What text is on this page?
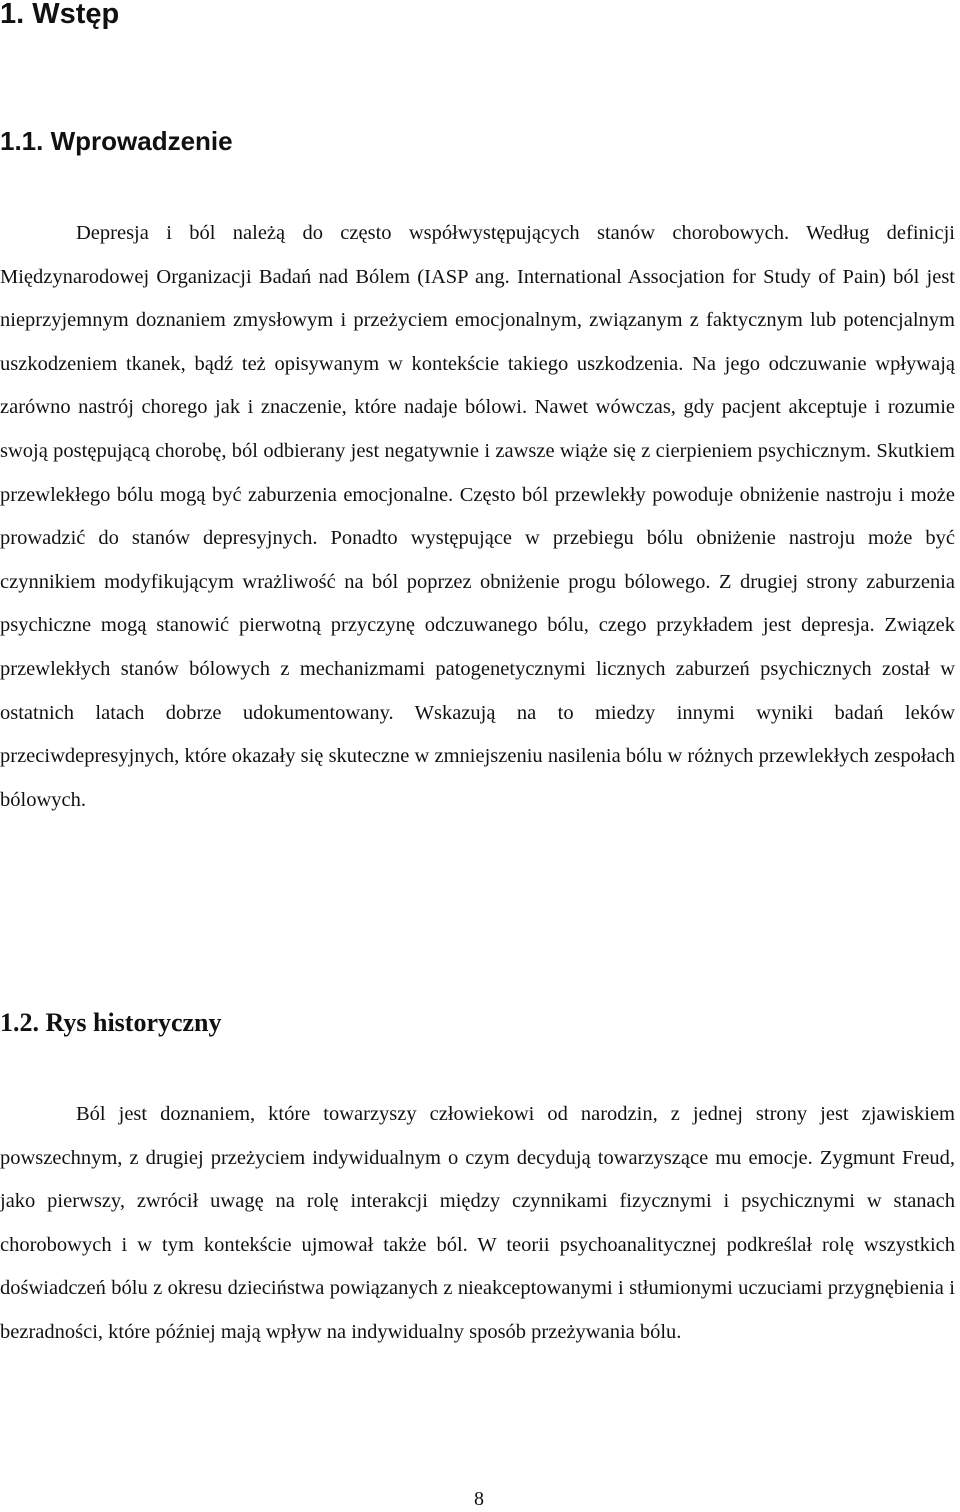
1. Wstęp
1.1. Wprowadzenie

Depresja i ból należą do często współwystępujących stanów chorobowych. Według definicji Międzynarodowej Organizacji Badań nad Bólem (IASP ang. International Assocjation for Study of Pain) ból jest nieprzyjemnym doznaniem zmysłowym i przeżyciem emocjonalnym, związanym z faktycznym lub potencjalnym uszkodzeniem tkanek, bądź też opisywanym w kontekście takiego uszkodzenia. Na jego odczuwanie wpływają zarówno nastrój chorego jak i znaczenie, które nadaje bólowi. Nawet wówczas, gdy pacjent akceptuje i rozumie swoją postępującą chorobę, ból odbierany jest negatywnie i zawsze wiąże się z cierpieniem psychicznym. Skutkiem przewlekłego bólu mogą być zaburzenia emocjonalne. Często ból przewlekły powoduje obniżenie nastroju i może prowadzić do stanów depresyjnych. Ponadto występujące w przebiegu bólu obniżenie nastroju może być czynnikiem modyfikującym wrażliwość na ból poprzez obniżenie progu bólowego. Z drugiej strony zaburzenia psychiczne mogą stanowić pierwotną przyczynę odczuwanego bólu, czego przykładem jest depresja. Związek przewlekłych stanów bólowych z mechanizmami patogenetycznymi licznych zaburzeń psychicznych został w ostatnich latach dobrze udokumentowany. Wskazują na to miedzy innymi wyniki badań leków przeciwdepresyjnych, które okazały się skuteczne w zmniejszeniu nasilenia bólu w różnych przewlekłych zespołach bólowych.

1.2. Rys historyczny

Ból jest doznaniem, które towarzyszy człowiekowi od narodzin, z jednej strony jest zjawiskiem powszechnym, z drugiej przeżyciem indywidualnym o czym decydują towarzyszące mu emocje. Zygmunt Freud, jako pierwszy, zwrócił uwagę na rolę interakcji między czynnikami fizycznymi i psychicznymi w stanach chorobowych i w tym kontekście ujmował także ból. W teorii psychoanalitycznej podkreślał rolę wszystkich doświadczeń bólu z okresu dzieciństwa powiązanych z nieakceptowanymi i stłumionymi uczuciami przygnębienia i bezradności, które później mają wpływ na indywidualny sposób przeżywania bólu.

8
